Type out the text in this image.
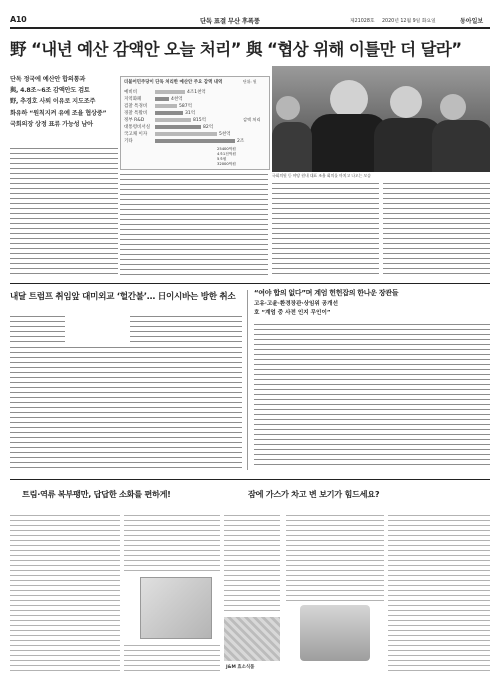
A10	단독 표결 무산 후폭풍	제21028호 2020년 12월 9일 화요일	동아일보
野 “내년 예산 감액안 오늘 처리” 與 “협상 위해 이틀만 더 달라”
단독 정국에 예산안 합의통과
與, 4.8조~6조 감액안도 검토
野, 추경호 사퇴 이유로 지도조주
화유하 “원칙지켜 유예 조율 협상중”
국회의장 상정 표류 가능성 남아
더불어민주당이 단독 처리한 예산안 주요 감액 내역	단위: 원
감액 처리
예비비	4조1천억
지역화폐	4천억
검찰 특경비	587억
경찰 특활비	31억
정부 R&D	815억
대통령비서실	82억
국고채 이자	5천억
기타	2조
25400억원
4조1천억원
5조원
32000억원
국회의원 등 야당 원내 대표 조율 회의를 마치고 나오는 모습
내달 트럼프 취임앞 대미외교 ‘헐간불’… 日이시바는 방한 취소	“여야 합의 없다”며 계엄 헌헌잡의 한나운 장관들
고유·고윤·환경장관·상임위 공개선
호 “계엄 중 사전 인지 무인이”
트림·역류 복부팽만, 답답한 소화를 편하게!	잠에 가스가 차고 변 보기가 힘드세요?
J&M 효소식품
